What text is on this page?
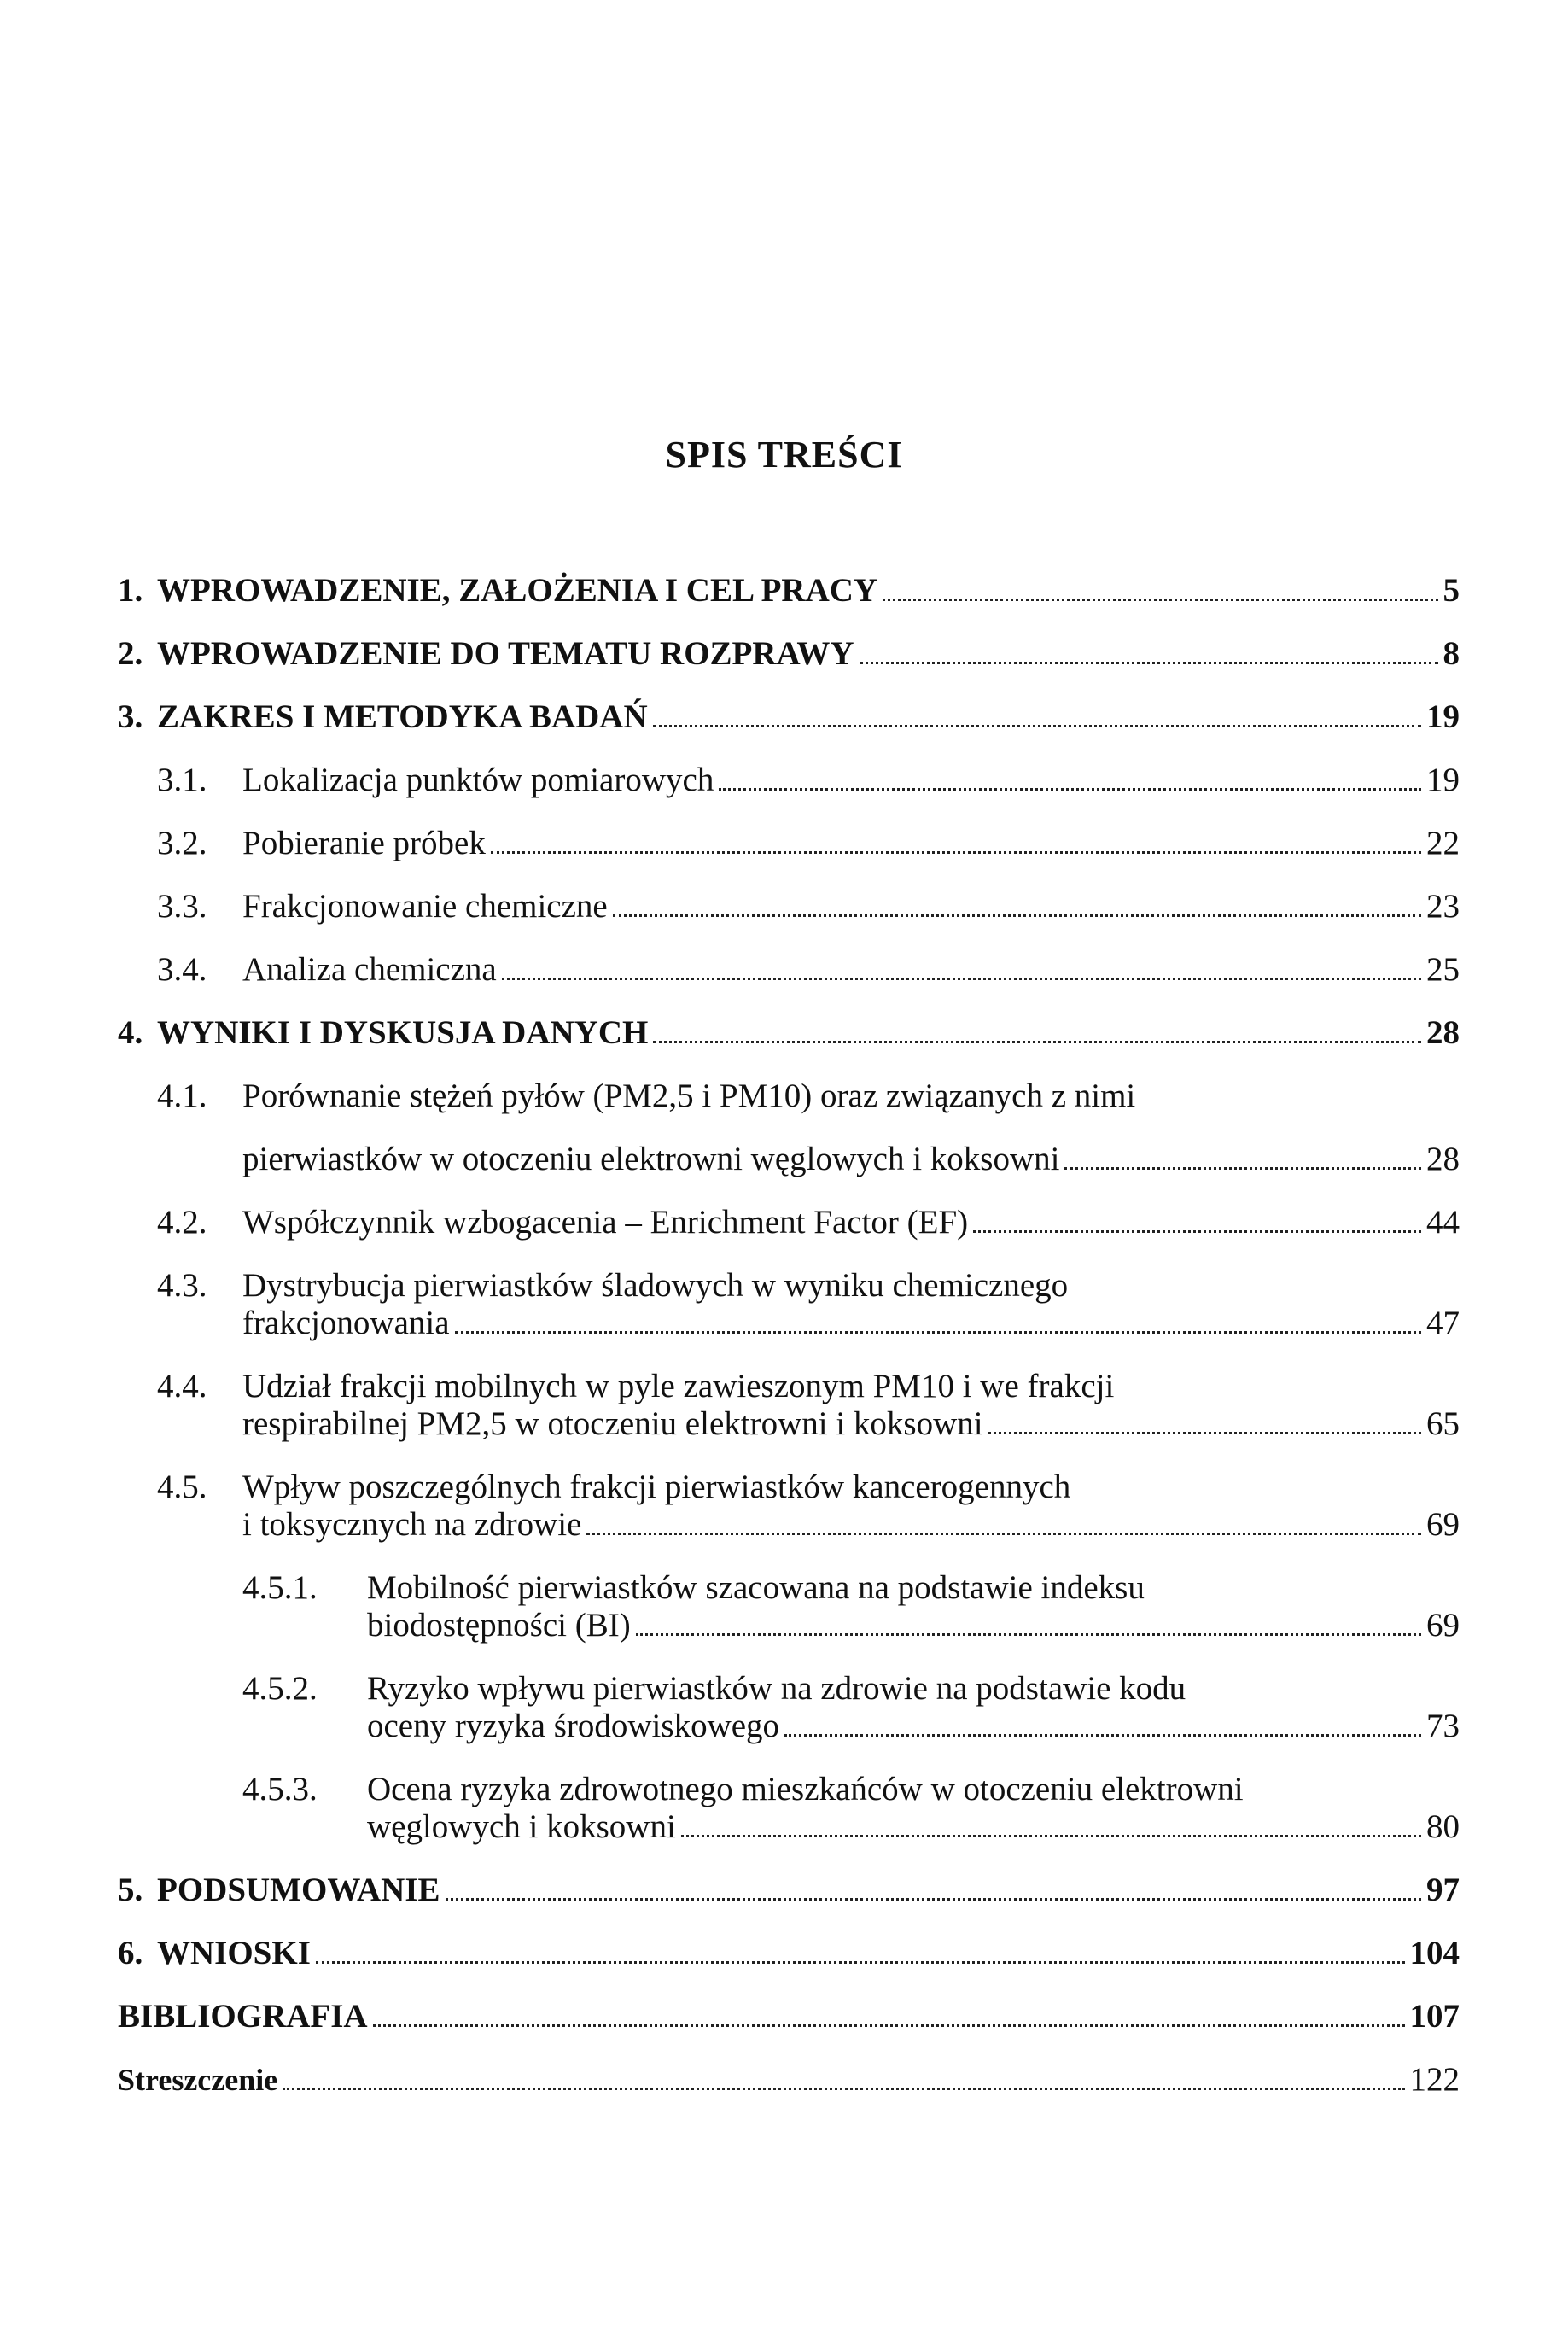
SPIS TREŚCI
1. WPROWADZENIE, ZAŁOŻENIA I CEL PRACY	5
2. WPROWADZENIE DO TEMATU ROZPRAWY	8
3. ZAKRES I METODYKA BADAŃ	19
3.1. Lokalizacja punktów pomiarowych	19
3.2. Pobieranie próbek	22
3.3. Frakcjonowanie chemiczne	23
3.4. Analiza chemiczna	25
4. WYNIKI I DYSKUSJA DANYCH	28
4.1. Porównanie stężeń pyłów (PM2,5 i PM10) oraz związanych z nimi
pierwiastków w otoczeniu elektrowni węglowych i koksowni	28
4.2. Współczynnik wzbogacenia – Enrichment Factor (EF)	44
4.3. Dystrybucja pierwiastków śladowych w wyniku chemicznego
frakcjonowania	47
4.4. Udział frakcji mobilnych w pyle zawieszonym PM10 i we frakcji
respirabilnej PM2,5 w otoczeniu elektrowni i koksowni	65
4.5. Wpływ poszczególnych frakcji pierwiastków kancerogennych
i toksycznych na zdrowie	69
4.5.1. Mobilność pierwiastków szacowana na podstawie indeksu
biodostępności (BI)	69
4.5.2. Ryzyko wpływu pierwiastków na zdrowie na podstawie kodu
oceny ryzyka środowiskowego	73
4.5.3. Ocena ryzyka zdrowotnego mieszkańców w otoczeniu elektrowni
węglowych i koksowni	80
5. PODSUMOWANIE	97
6. WNIOSKI	104
BIBLIOGRAFIA	107
Streszczenie	122
